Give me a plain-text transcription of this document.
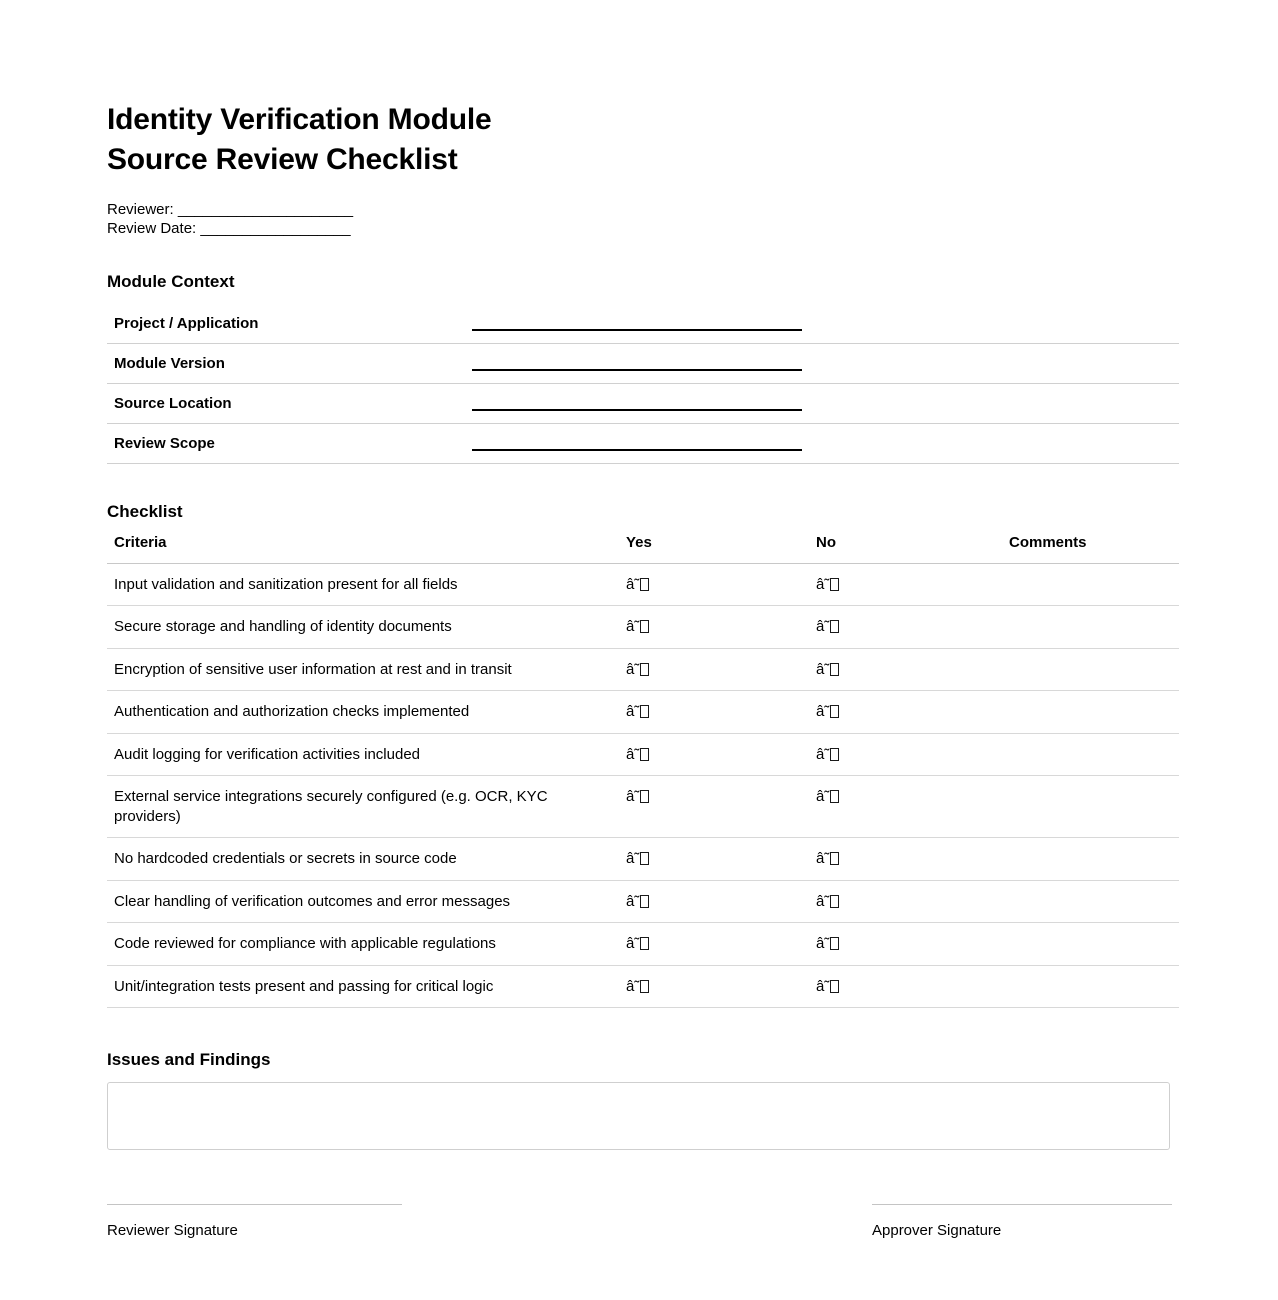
Identity Verification Module
Source Review Checklist
Reviewer: _____________________
Review Date: __________________
Module Context
Project / Application	

Module Version	

Source Location	

Review Scope	
Checklist
Criteria	Yes	No	Comments
Input validation and sanitization present for all fields	â˜	â˜	
Secure storage and handling of identity documents	â˜	â˜	
Encryption of sensitive user information at rest and in transit	â˜	â˜	
Authentication and authorization checks implemented	â˜	â˜	
Audit logging for verification activities included	â˜	â˜	
External service integrations securely configured (e.g. OCR, KYC providers)	â˜	â˜	
No hardcoded credentials or secrets in source code	â˜	â˜	
Clear handling of verification outcomes and error messages	â˜	â˜	
Code reviewed for compliance with applicable regulations	â˜	â˜	
Unit/integration tests present and passing for critical logic	â˜	â˜	
Issues and Findings
Reviewer Signature	Approver Signature
